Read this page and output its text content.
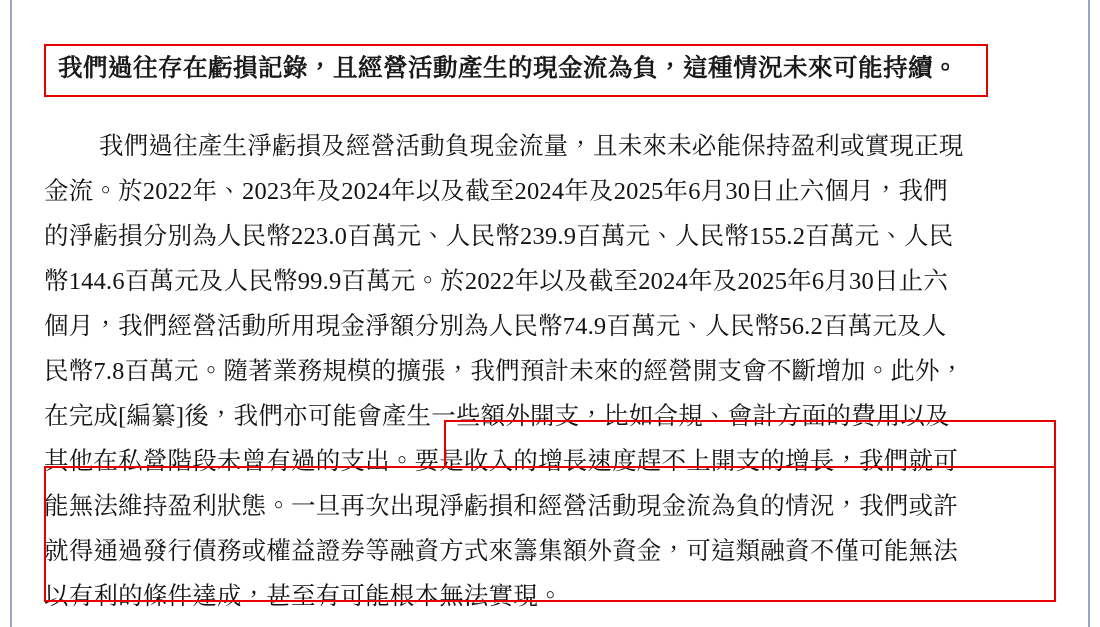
我們過往存在虧損記錄，且經營活動產生的現金流為負，這種情況未來可能持續。
我們過往產生淨虧損及經營活動負現金流量，且未來未必能保持盈利或實現正現
金流。於2022年、2023年及2024年以及截至2024年及2025年6月30日止六個月，我們
的淨虧損分別為人民幣223.0百萬元、人民幣239.9百萬元、人民幣155.2百萬元、人民
幣144.6百萬元及人民幣99.9百萬元。於2022年以及截至2024年及2025年6月30日止六
個月，我們經營活動所用現金淨額分別為人民幣74.9百萬元、人民幣56.2百萬元及人
民幣7.8百萬元。隨著業務規模的擴張，我們預計未來的經營開支會不斷增加。此外，
在完成[編纂]後，我們亦可能會產生一些額外開支，比如合規、會計方面的費用以及
其他在私營階段未曾有過的支出。要是收入的增長速度趕不上開支的增長，我們就可
能無法維持盈利狀態。一旦再次出現淨虧損和經營活動現金流為負的情況，我們或許
就得通過發行債務或權益證券等融資方式來籌集額外資金，可這類融資不僅可能無法
以有利的條件達成，甚至有可能根本無法實現。
